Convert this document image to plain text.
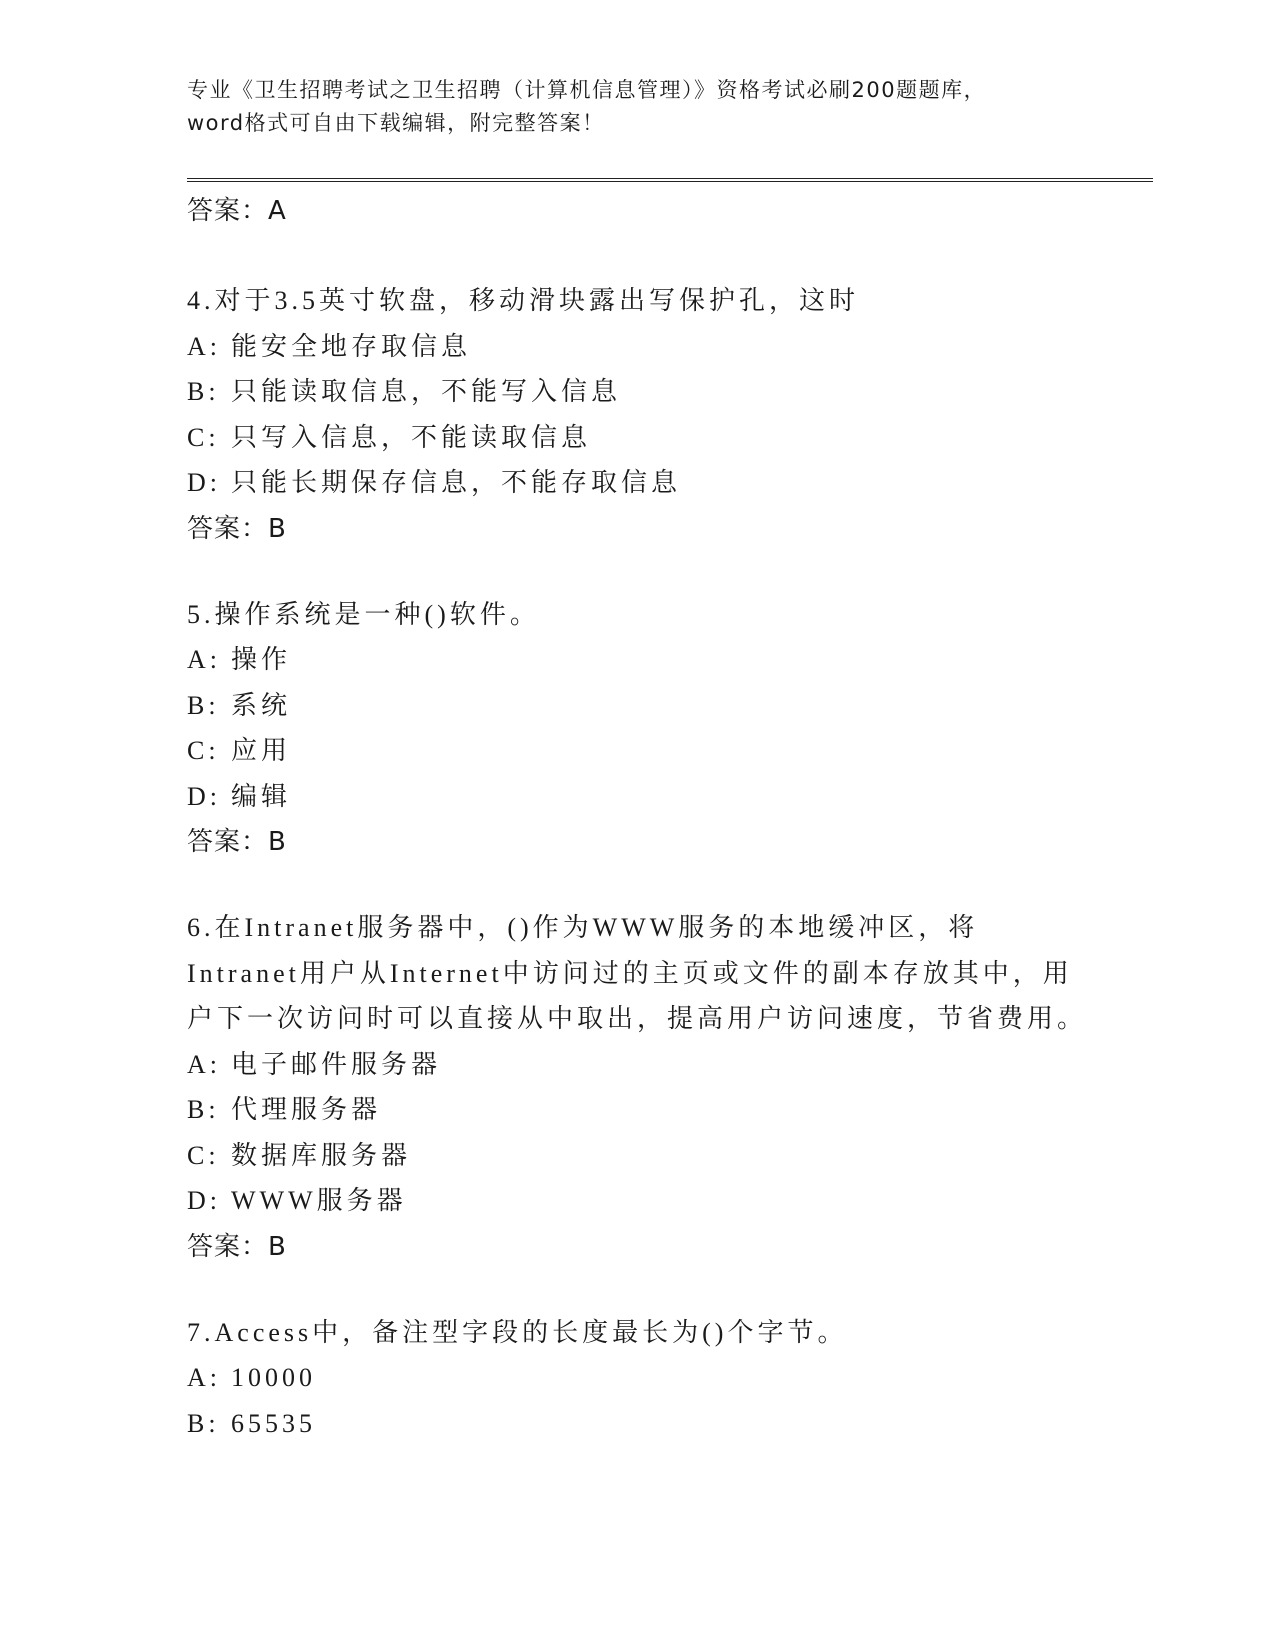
专业《卫生招聘考试之卫生招聘（计算机信息管理）》资格考试必刷200题题库，
word格式可自由下载编辑，附完整答案！
答案：A
4.对于3.5英寸软盘，移动滑块露出写保护孔，这时
A: 能安全地存取信息
B: 只能读取信息，不能写入信息
C: 只写入信息，不能读取信息
D: 只能长期保存信息，不能存取信息
答案：B
5.操作系统是一种()软件。
A: 操作
B: 系统
C: 应用
D: 编辑
答案：B
6.在Intranet服务器中，()作为WWW服务的本地缓冲区，将Intranet用户从Internet中访问过的主页或文件的副本存放其中，用户下一次访问时可以直接从中取出，提高用户访问速度，节省费用。
A: 电子邮件服务器
B: 代理服务器
C: 数据库服务器
D: WWW服务器
答案：B
7.Access中，备注型字段的长度最长为()个字节。
A: 10000
B: 65535
